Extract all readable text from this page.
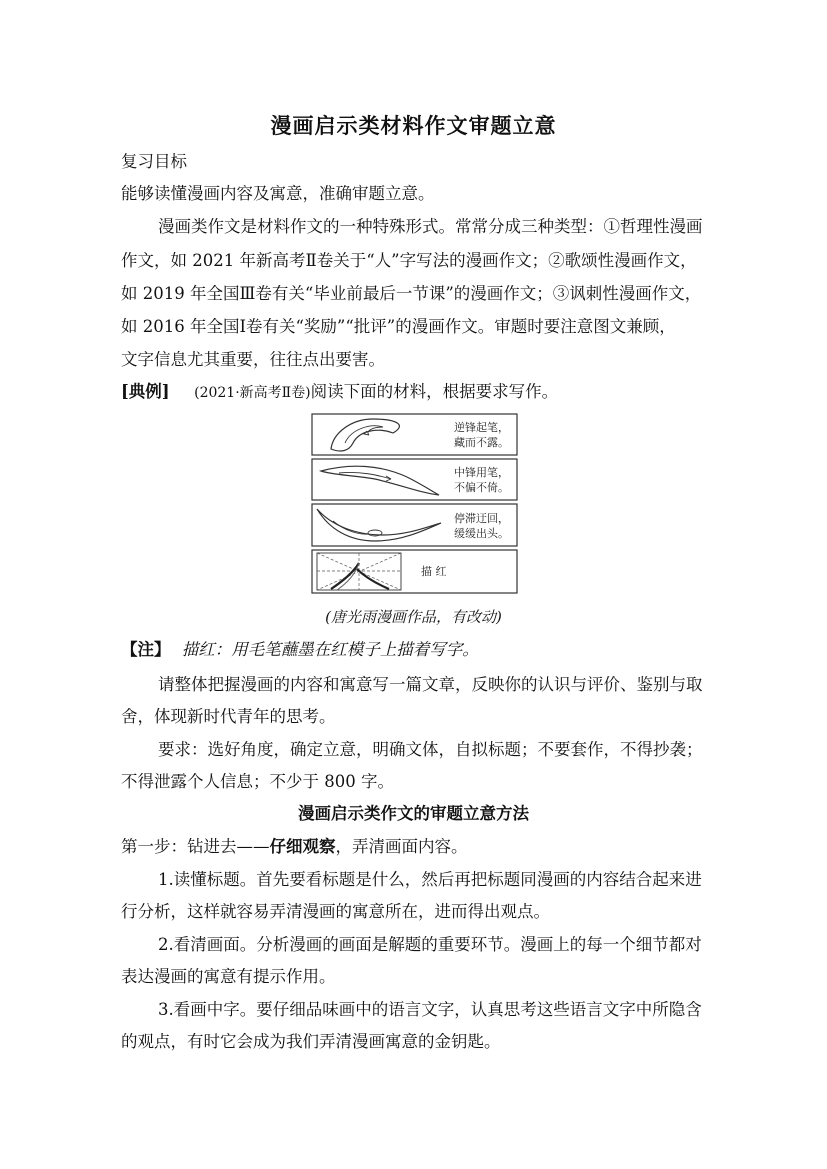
漫画启示类材料作文审题立意
复习目标
能够读懂漫画内容及寓意，准确审题立意。
漫画类作文是材料作文的一种特殊形式。常常分成三种类型：①哲理性漫画
作文，如 2021 年新高考Ⅱ卷关于“人”字写法的漫画作文；②歌颂性漫画作文，
如 2019 年全国Ⅲ卷有关“毕业前最后一节课”的漫画作文；③讽刺性漫画作文，
如 2016 年全国Ⅰ卷有关“奖励”“批评”的漫画作文。审题时要注意图文兼顾，
文字信息尤其重要，往往点出要害。
[典例] (2021·新高考Ⅱ卷)阅读下面的材料，根据要求写作。
逆锋起笔，
藏而不露。
中锋用笔，
不偏不倚。
停滞迂回，
缓缓出头。
描 红
(唐光雨漫画作品，有改动)
【注】 描红：用毛笔蘸墨在红模子上描着写字。
请整体把握漫画的内容和寓意写一篇文章，反映你的认识与评价、鉴别与取
舍，体现新时代青年的思考。
要求：选好角度，确定立意，明确文体，自拟标题；不要套作，不得抄袭；
不得泄露个人信息；不少于 800 字。
漫画启示类作文的审题立意方法
第一步：钻进去——仔细观察，弄清画面内容。
1.读懂标题。首先要看标题是什么，然后再把标题同漫画的内容结合起来进
行分析，这样就容易弄清漫画的寓意所在，进而得出观点。
2.看清画面。分析漫画的画面是解题的重要环节。漫画上的每一个细节都对
表达漫画的寓意有提示作用。
3.看画中字。要仔细品味画中的语言文字，认真思考这些语言文字中所隐含
的观点，有时它会成为我们弄清漫画寓意的金钥匙。
